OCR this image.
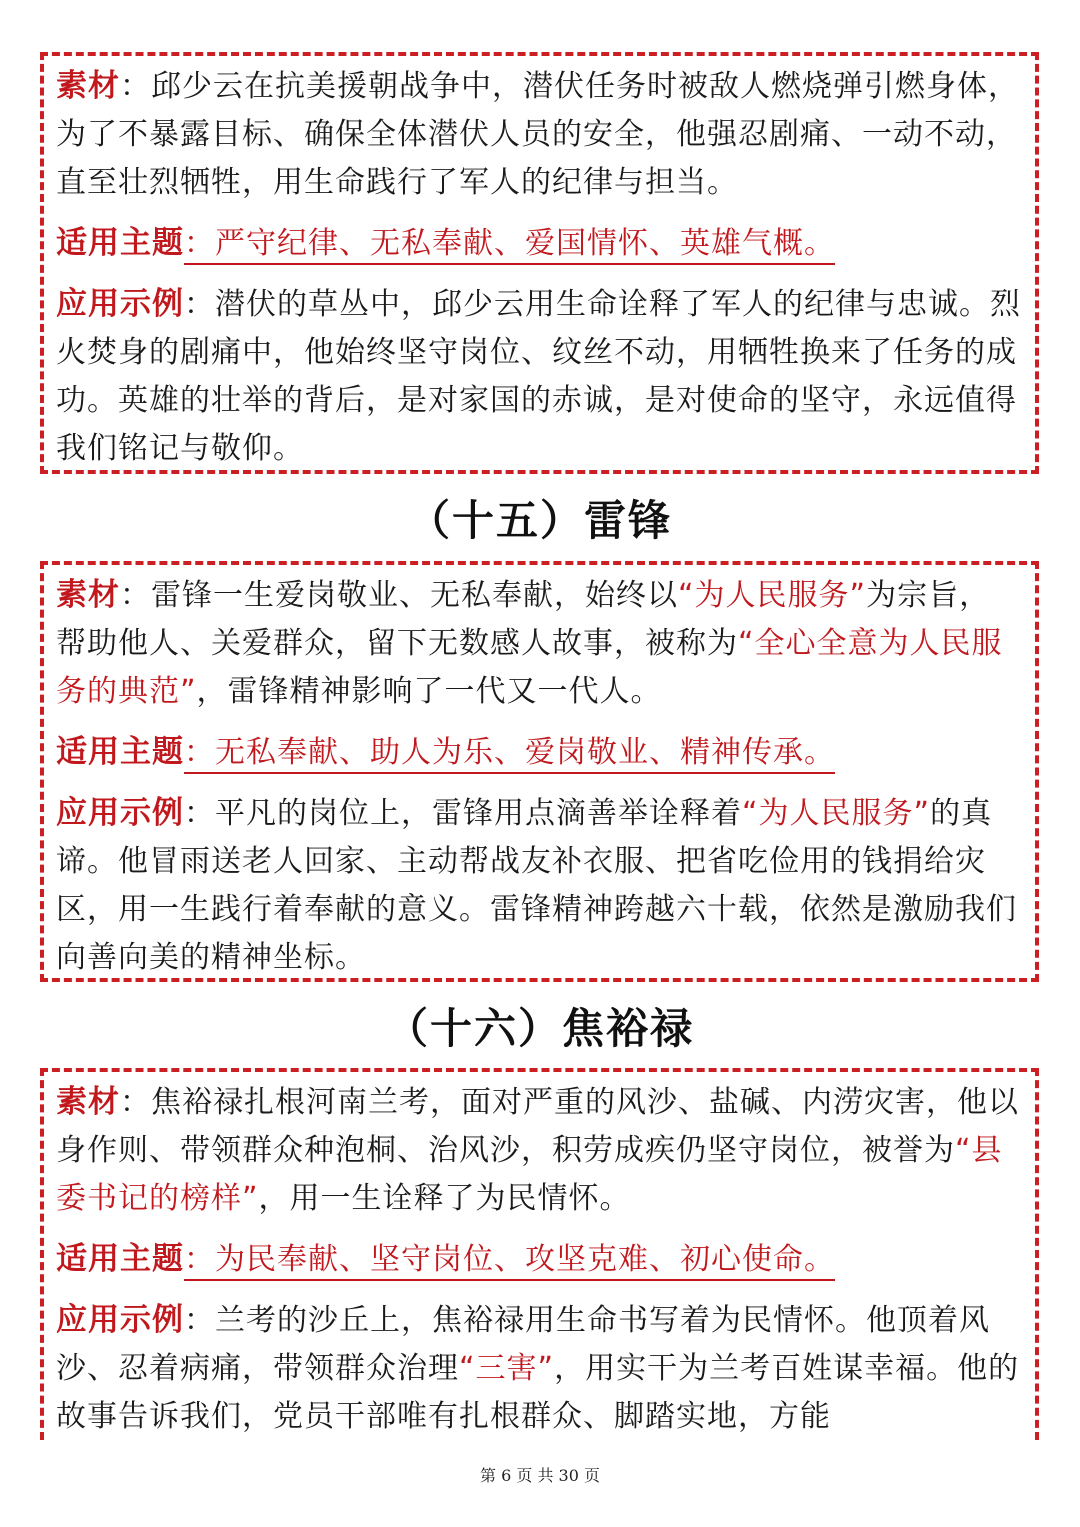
素材：邱少云在抗美援朝战争中，潜伏任务时被敌人燃烧弹引燃身体，为了不暴露目标、确保全体潜伏人员的安全，他强忍剧痛、一动不动，直至壮烈牺牲，用生命践行了军人的纪律与担当。

适用主题：严守纪律、无私奉献、爱国情怀、英雄气概。

应用示例：潜伏的草丛中，邱少云用生命诠释了军人的纪律与忠诚。烈火焚身的剧痛中，他始终坚守岗位、纹丝不动，用牺牲换来了任务的成功。英雄的壮举的背后，是对家国的赤诚，是对使命的坚守，永远值得我们铭记与敬仰。

（十五）雷锋

素材：雷锋一生爱岗敬业、无私奉献，始终以“为人民服务”为宗旨，帮助他人、关爱群众，留下无数感人故事，被称为“全心全意为人民服务的典范”，雷锋精神影响了一代又一代人。

适用主题：无私奉献、助人为乐、爱岗敬业、精神传承。

应用示例：平凡的岗位上，雷锋用点滴善举诠释着“为人民服务”的真谛。他冒雨送老人回家、主动帮战友补衣服、把省吃俭用的钱捐给灾区，用一生践行着奉献的意义。雷锋精神跨越六十载，依然是激励我们向善向美的精神坐标。

（十六）焦裕禄

素材：焦裕禄扎根河南兰考，面对严重的风沙、盐碱、内涝灾害，他以身作则、带领群众种泡桐、治风沙，积劳成疾仍坚守岗位，被誉为“县委书记的榜样”，用一生诠释了为民情怀。

适用主题：为民奉献、坚守岗位、攻坚克难、初心使命。

应用示例：兰考的沙丘上，焦裕禄用生命书写着为民情怀。他顶着风沙、忍着病痛，带领群众治理“三害”，用实干为兰考百姓谋幸福。他的故事告诉我们，党员干部唯有扎根群众、脚踏实地，方能

第 6 页 共 30 页
